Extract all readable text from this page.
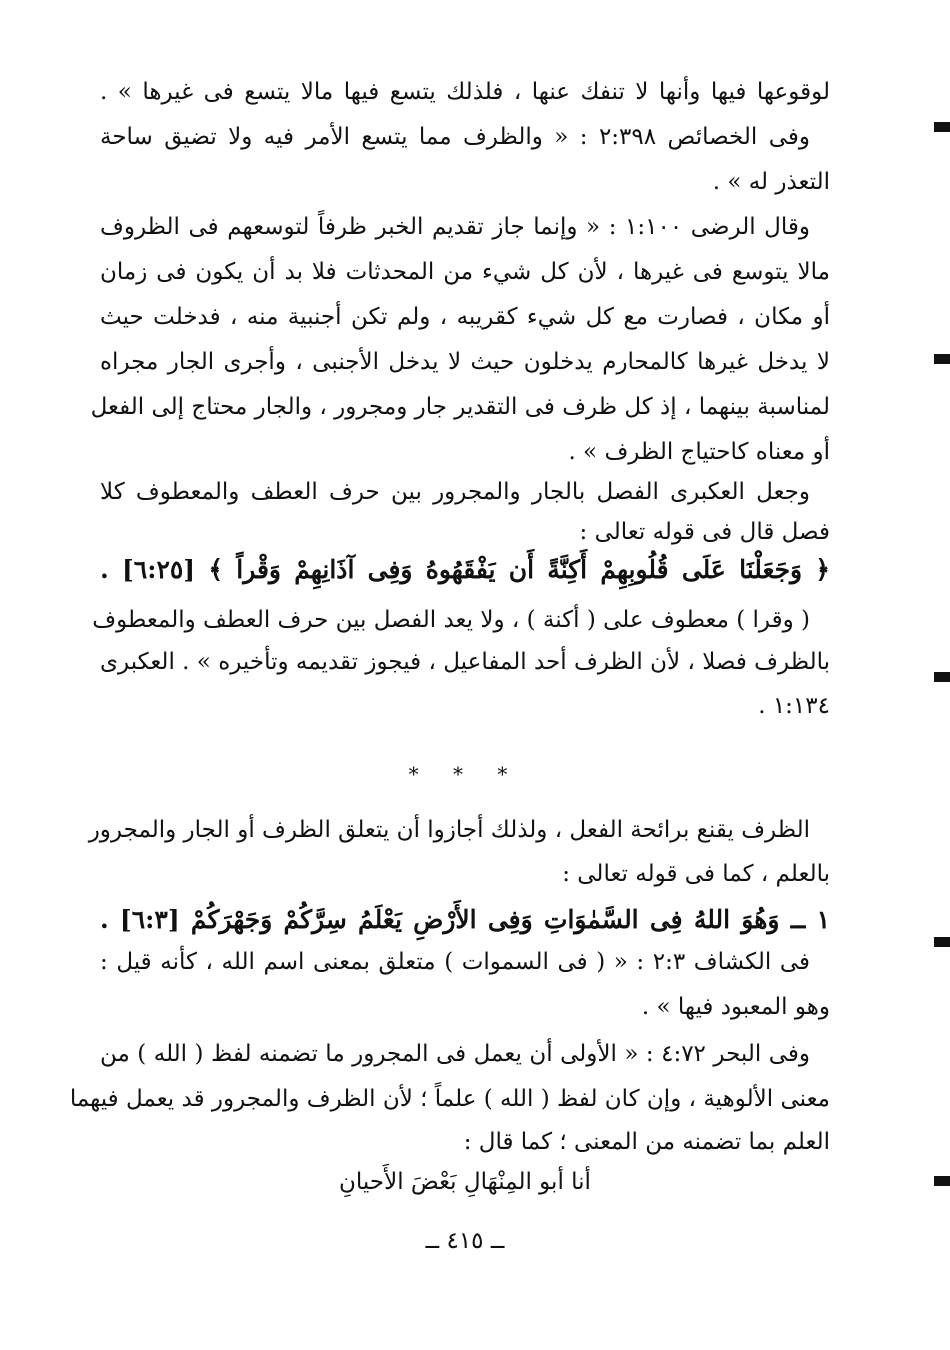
لوقوعها فيها وأنها لا تنفك عنها ، فلذلك يتسع فيها مالا يتسع فى غيرها » .
وفى الخصائص ٢:٣٩٨ : « والظرف مما يتسع الأمر فيه ولا تضيق ساحة
التعذر له » .
وقال الرضى ١:١٠٠ : « وإنما جاز تقديم الخبر ظرفاً لتوسعهم فى الظروف
مالا يتوسع فى غيرها ، لأن كل شيء من المحدثات فلا بد أن يكون فى زمان
أو مكان ، فصارت مع كل شيء كقريبه ، ولم تكن أجنبية منه ، فدخلت حيث
لا يدخل غيرها كالمحارم يدخلون حيث لا يدخل الأجنبى ، وأجرى الجار مجراه
لمناسبة بينهما ، إذ كل ظرف فى التقدير جار ومجرور ، والجار محتاج إلى الفعل
أو معناه كاحتياج الظرف » .
وجعل العكبرى الفصل بالجار والمجرور بين حرف العطف والمعطوف كلا
فصل قال فى قوله تعالى :
﴿ وَجَعَلْنَا عَلَى قُلُوبِهِمْ أَكِنَّةً أَن يَفْقَهُوهُ وَفِى آذَانِهِمْ وَقْراً ﴾ [٦:٢٥] .
( وقرا ) معطوف على ( أكنة ) ، ولا يعد الفصل بين حرف العطف والمعطوف
بالظرف فصلا ، لأن الظرف أحد المفاعيل ، فيجوز تقديمه وتأخيره » . العكبرى
١:١٣٤ .
* * *
الظرف يقنع برائحة الفعل ، ولذلك أجازوا أن يتعلق الظرف أو الجار والمجرور
بالعلم ، كما فى قوله تعالى :
١ ــ وَهُوَ اللهُ فِى السَّمٰوَاتِ وَفِى الأَرْضِ يَعْلَمُ سِرَّكُمْ وَجَهْرَكُمْ [٦:٣] .
فى الكشاف ٢:٣ : « ( فى السموات ) متعلق بمعنى اسم الله ، كأنه قيل :
وهو المعبود فيها » .
وفى البحر ٤:٧٢ : « الأولى أن يعمل فى المجرور ما تضمنه لفظ ( الله ) من
معنى الألوهية ، وإن كان لفظ ( الله ) علماً ؛ لأن الظرف والمجرور قد يعمل فيهما
العلم بما تضمنه من المعنى ؛ كما قال :
أنا أبو المِنْهَالِ بَعْضَ الأَحيانِ
ــ ٤١٥ ــ
